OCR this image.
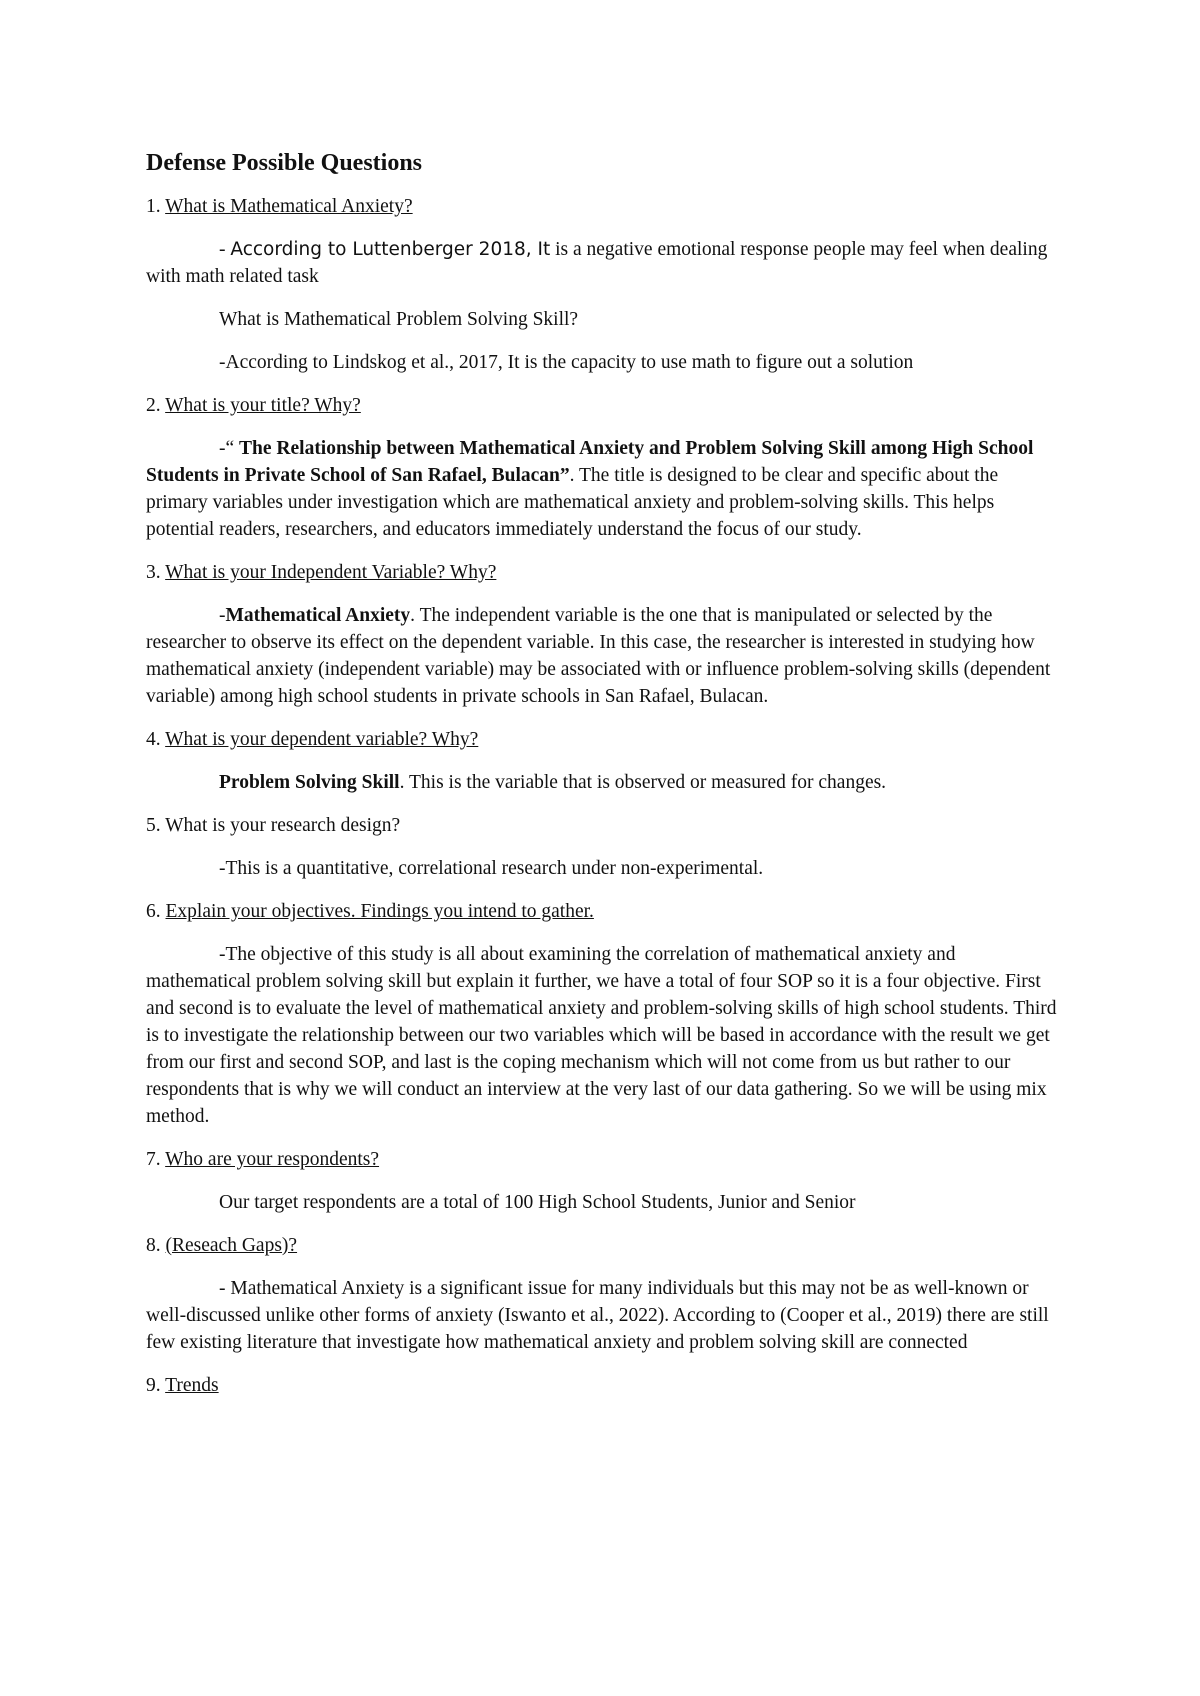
Defense Possible Questions

1. What is Mathematical Anxiety?

- According to Luttenberger 2018, It is a negative emotional response people may feel when dealing with math related task

What is Mathematical Problem Solving Skill?

-According to Lindskog et al., 2017, It is the capacity to use math to figure out a solution

2. What is your title? Why?

-“ The Relationship between Mathematical Anxiety and Problem Solving Skill among High School Students in Private School of San Rafael, Bulacan”. The title is designed to be clear and specific about the primary variables under investigation which are mathematical anxiety and problem-solving skills. This helps potential readers, researchers, and educators immediately understand the focus of our study.

3. What is your Independent Variable? Why?

-Mathematical Anxiety. The independent variable is the one that is manipulated or selected by the researcher to observe its effect on the dependent variable. In this case, the researcher is interested in studying how mathematical anxiety (independent variable) may be associated with or influence problem-solving skills (dependent variable) among high school students in private schools in San Rafael, Bulacan.

4. What is your dependent variable? Why?

Problem Solving Skill. This is the variable that is observed or measured for changes.

5. What is your research design?

-This is a quantitative, correlational research under non-experimental.

6. Explain your objectives. Findings you intend to gather.

-The objective of this study is all about examining the correlation of mathematical anxiety and mathematical problem solving skill but explain it further, we have a total of four SOP so it is a four objective. First and second is to evaluate the level of mathematical anxiety and problem-solving skills of high school students. Third is to investigate the relationship between our two variables which will be based in accordance with the result we get from our first and second SOP, and last is the coping mechanism which will not come from us but rather to our respondents that is why we will conduct an interview at the very last of our data gathering. So we will be using mix method.

7. Who are your respondents?

Our target respondents are a total of 100 High School Students, Junior and Senior

8. (Reseach Gaps)?

- Mathematical Anxiety is a significant issue for many individuals but this may not be as well-known or well-discussed unlike other forms of anxiety (Iswanto et al., 2022). According to (Cooper et al., 2019) there are still few existing literature that investigate how mathematical anxiety and problem solving skill are connected

9. Trends
